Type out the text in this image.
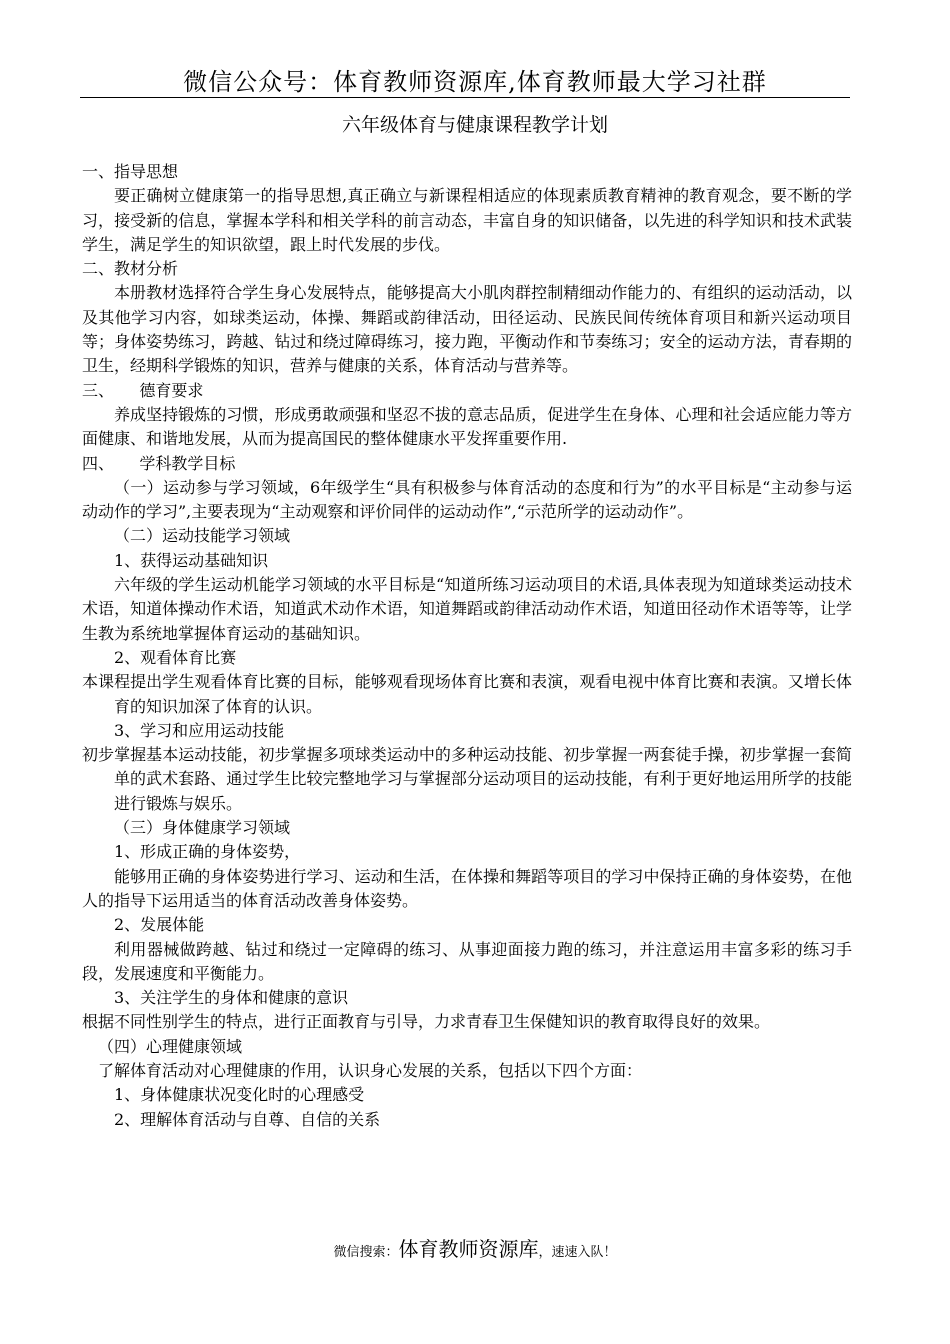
微信公众号：体育教师资源库,体育教师最大学习社群
六年级体育与健康课程教学计划

一、指导思想

要正确树立健康第一的指导思想,真正确立与新课程相适应的体现素质教育精神的教育观念，要不断的学习，接受新的信息，掌握本学科和相关学科的前言动态，丰富自身的知识储备，以先进的科学知识和技术武装学生，满足学生的知识欲望，跟上时代发展的步伐。

二、教材分析

本册教材选择符合学生身心发展特点，能够提高大小肌肉群控制精细动作能力的、有组织的运动活动，以及其他学习内容，如球类运动，体操、舞蹈或韵律活动，田径运动、民族民间传统体育项目和新兴运动项目等；身体姿势练习，跨越、钻过和绕过障碍练习，接力跑，平衡动作和节奏练习；安全的运动方法，青春期的卫生，经期科学锻炼的知识，营养与健康的关系，体育活动与营养等。

三、     德育要求

养成坚持锻炼的习惯，形成勇敢顽强和坚忍不拔的意志品质，促进学生在身体、心理和社会适应能力等方面健康、和谐地发展，从而为提高国民的整体健康水平发挥重要作用.

四、     学科教学目标

（一）运动参与学习领域，6年级学生“具有积极参与体育活动的态度和行为”的水平目标是“主动参与运动动作的学习”,主要表现为“主动观察和评价同伴的运动动作”,“示范所学的运动动作”。

（二）运动技能学习领域

1、获得运动基础知识

六年级的学生运动机能学习领域的水平目标是“知道所练习运动项目的术语,具体表现为知道球类运动技术术语，知道体操动作术语，知道武术动作术语，知道舞蹈或韵律活动动作术语，知道田径动作术语等等，让学生教为系统地掌握体育运动的基础知识。

2、观看体育比赛

本课程提出学生观看体育比赛的目标，能够观看现场体育比赛和表演，观看电视中体育比赛和表演。又增长体育的知识加深了体育的认识。

3、学习和应用运动技能

初步掌握基本运动技能，初步掌握多项球类运动中的多种运动技能、初步掌握一两套徒手操，初步掌握一套简单的武术套路、通过学生比较完整地学习与掌握部分运动项目的运动技能，有利于更好地运用所学的技能进行锻炼与娱乐。

（三）身体健康学习领域

1、形成正确的身体姿势，

能够用正确的身体姿势进行学习、运动和生活，在体操和舞蹈等项目的学习中保持正确的身体姿势，在他人的指导下运用适当的体育活动改善身体姿势。

2、发展体能

利用器械做跨越、钻过和绕过一定障碍的练习、从事迎面接力跑的练习，并注意运用丰富多彩的练习手段，发展速度和平衡能力。

3、关注学生的身体和健康的意识

根据不同性别学生的特点，进行正面教育与引导，力求青春卫生保健知识的教育取得良好的效果。

（四）心理健康领域

了解体育活动对心理健康的作用，认识身心发展的关系，包括以下四个方面：

1、身体健康状况变化时的心理感受

2、理解体育活动与自尊、自信的关系

微信搜索：体育教师资源库，速速入队！
